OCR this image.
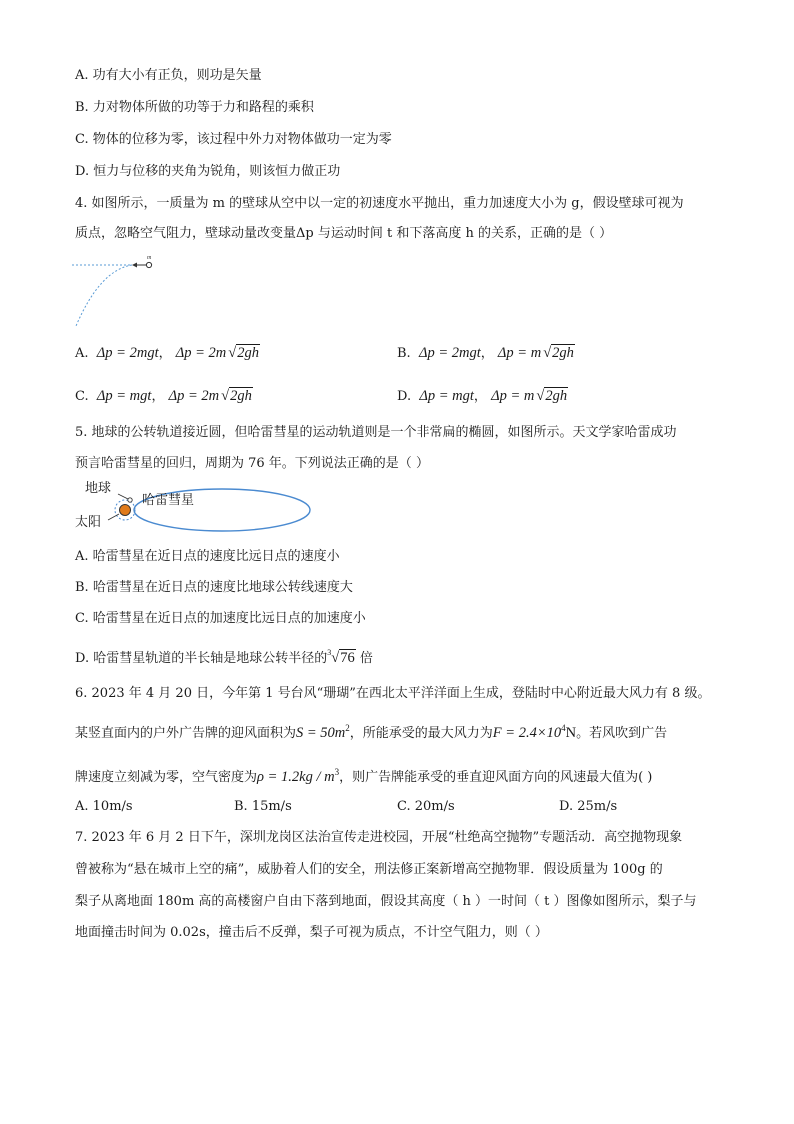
A. 功有大小有正负，则功是矢量
B. 力对物体所做的功等于力和路程的乘积
C. 物体的位移为零，该过程中外力对物体做功一定为零
D. 恒力与位移的夹角为锐角，则该恒力做正功
4. 如图所示，一质量为 m 的壁球从空中以一定的初速度水平抛出，重力加速度大小为 g，假设壁球可视为
质点，忽略空气阻力，壁球动量改变量Δp 与运动时间 t 和下落高度 h 的关系，正确的是（ ）
m
A. Δp = 2mgt， Δp = 2m √2gh	B. Δp = 2mgt， Δp = m √2gh
C. Δp = mgt， Δp = 2m √2gh	D. Δp = mgt， Δp = m √2gh
5. 地球的公转轨道接近圆，但哈雷彗星的运动轨道则是一个非常扁的椭圆，如图所示。天文学家哈雷成功
预言哈雷彗星的回归，周期为 76 年。下列说法正确的是（ ）
地球
哈雷彗星
太阳
A. 哈雷彗星在近日点的速度比远日点的速度小
B. 哈雷彗星在近日点的速度比地球公转线速度大
C. 哈雷彗星在近日点的加速度比远日点的加速度小
D. 哈雷彗星轨道的半长轴是地球公转半径的$^3$√76 倍
6. 2023 年 4 月 20 日，今年第 1 号台风“珊瑚”在西北太平洋洋面上生成，登陆时中心附近最大风力有 8 级。
某竖直面内的户外广告牌的迎风面积为$S = 50m^2$，所能承受的最大风力为$F = 2.4\times 10^4N$。若风吹到广告
牌速度立刻减为零，空气密度为$\rho = 1.2kg / m^3$，则广告牌能承受的垂直迎风面方向的风速最大值为( )
A. 10m/s	B. 15m/s	C. 20m/s	D. 25m/s
7. 2023 年 6 月 2 日下午，深圳龙岗区法治宣传走进校园，开展“杜绝高空抛物”专题活动．高空抛物现象
曾被称为“悬在城市上空的痛”，威胁着人们的安全，刑法修正案新增高空抛物罪．假设质量为 100g 的
梨子从离地面 180m 高的高楼窗户自由下落到地面，假设其高度（ h ）一时间（ t ）图像如图所示，梨子与
地面撞击时间为 0.02s，撞击后不反弹，梨子可视为质点，不计空气阻力，则（ ）
